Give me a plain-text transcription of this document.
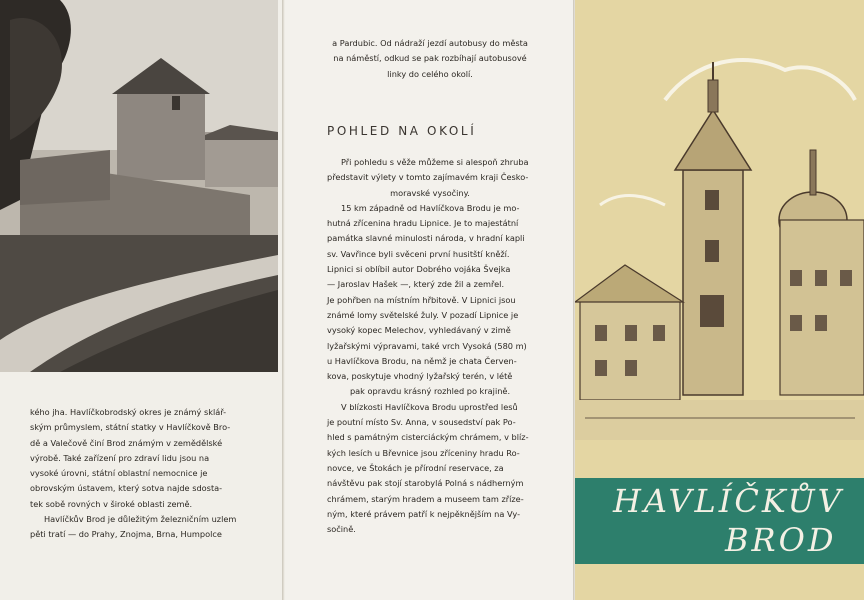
kého jha. Havlíčkobrodský okres je známý sklář-

ským průmyslem, státní statky v Havlíčkově Bro-

dě a Valečově činí Brod známým v zemědělské

výrobě. Také zařízení pro zdraví lidu jsou na

vysoké úrovni, státní oblastní nemocnice je

obrovským ústavem, který sotva najde sdosta-

tek sobě rovných v široké oblasti země.

Havlíčkův Brod je důležitým železničním uzlem

pěti tratí — do Prahy, Znojma, Brna, Humpolce

a Pardubic. Od nádraží jezdí autobusy do města

na náměstí, odkud se pak rozbíhají autobusové

linky do celého okolí.

POHLED NA OKOLÍ

Při pohledu s věže můžeme si alespoň zhruba

představit výlety v tomto zajímavém kraji Česko-

moravské vysočiny.

15 km západně od Havlíčkova Brodu je mo-

hutná zřícenina hradu Lipnice. Je to majestátní

památka slavné minulosti národa, v hradní kapli

sv. Vavřince byli svěceni první husitští kněží.

Lipnici si oblíbil autor Dobrého vojáka Švejka

— Jaroslav Hašek —, který zde žil a zemřel.

Je pohřben na místním hřbitově. V Lipnici jsou

známé lomy světelské žuly. V pozadí Lipnice je

vysoký kopec Melechov, vyhledávaný v zimě

lyžařskými výpravami, také vrch Vysoká (580 m)

u Havlíčkova Brodu, na němž je chata Červen-

kova, poskytuje vhodný lyžařský terén, v létě

pak opravdu krásný rozhled po krajině.

V blízkosti Havlíčkova Brodu uprostřed lesů

je poutní místo Sv. Anna, v sousedství pak Po-

hled s památným cisterciáckým chrámem, v blíz-

kých lesích u Břevnice jsou zříceniny hradu Ro-

novce, ve Štokách je přírodní reservace, za

návštěvu pak stojí starobylá Polná s nádherným

chrámem, starým hradem a museem tam zřízе-

ným, které právem patří k nejpěknějším na Vy-

sočině.

HAVLÍČKŮV
BROD
